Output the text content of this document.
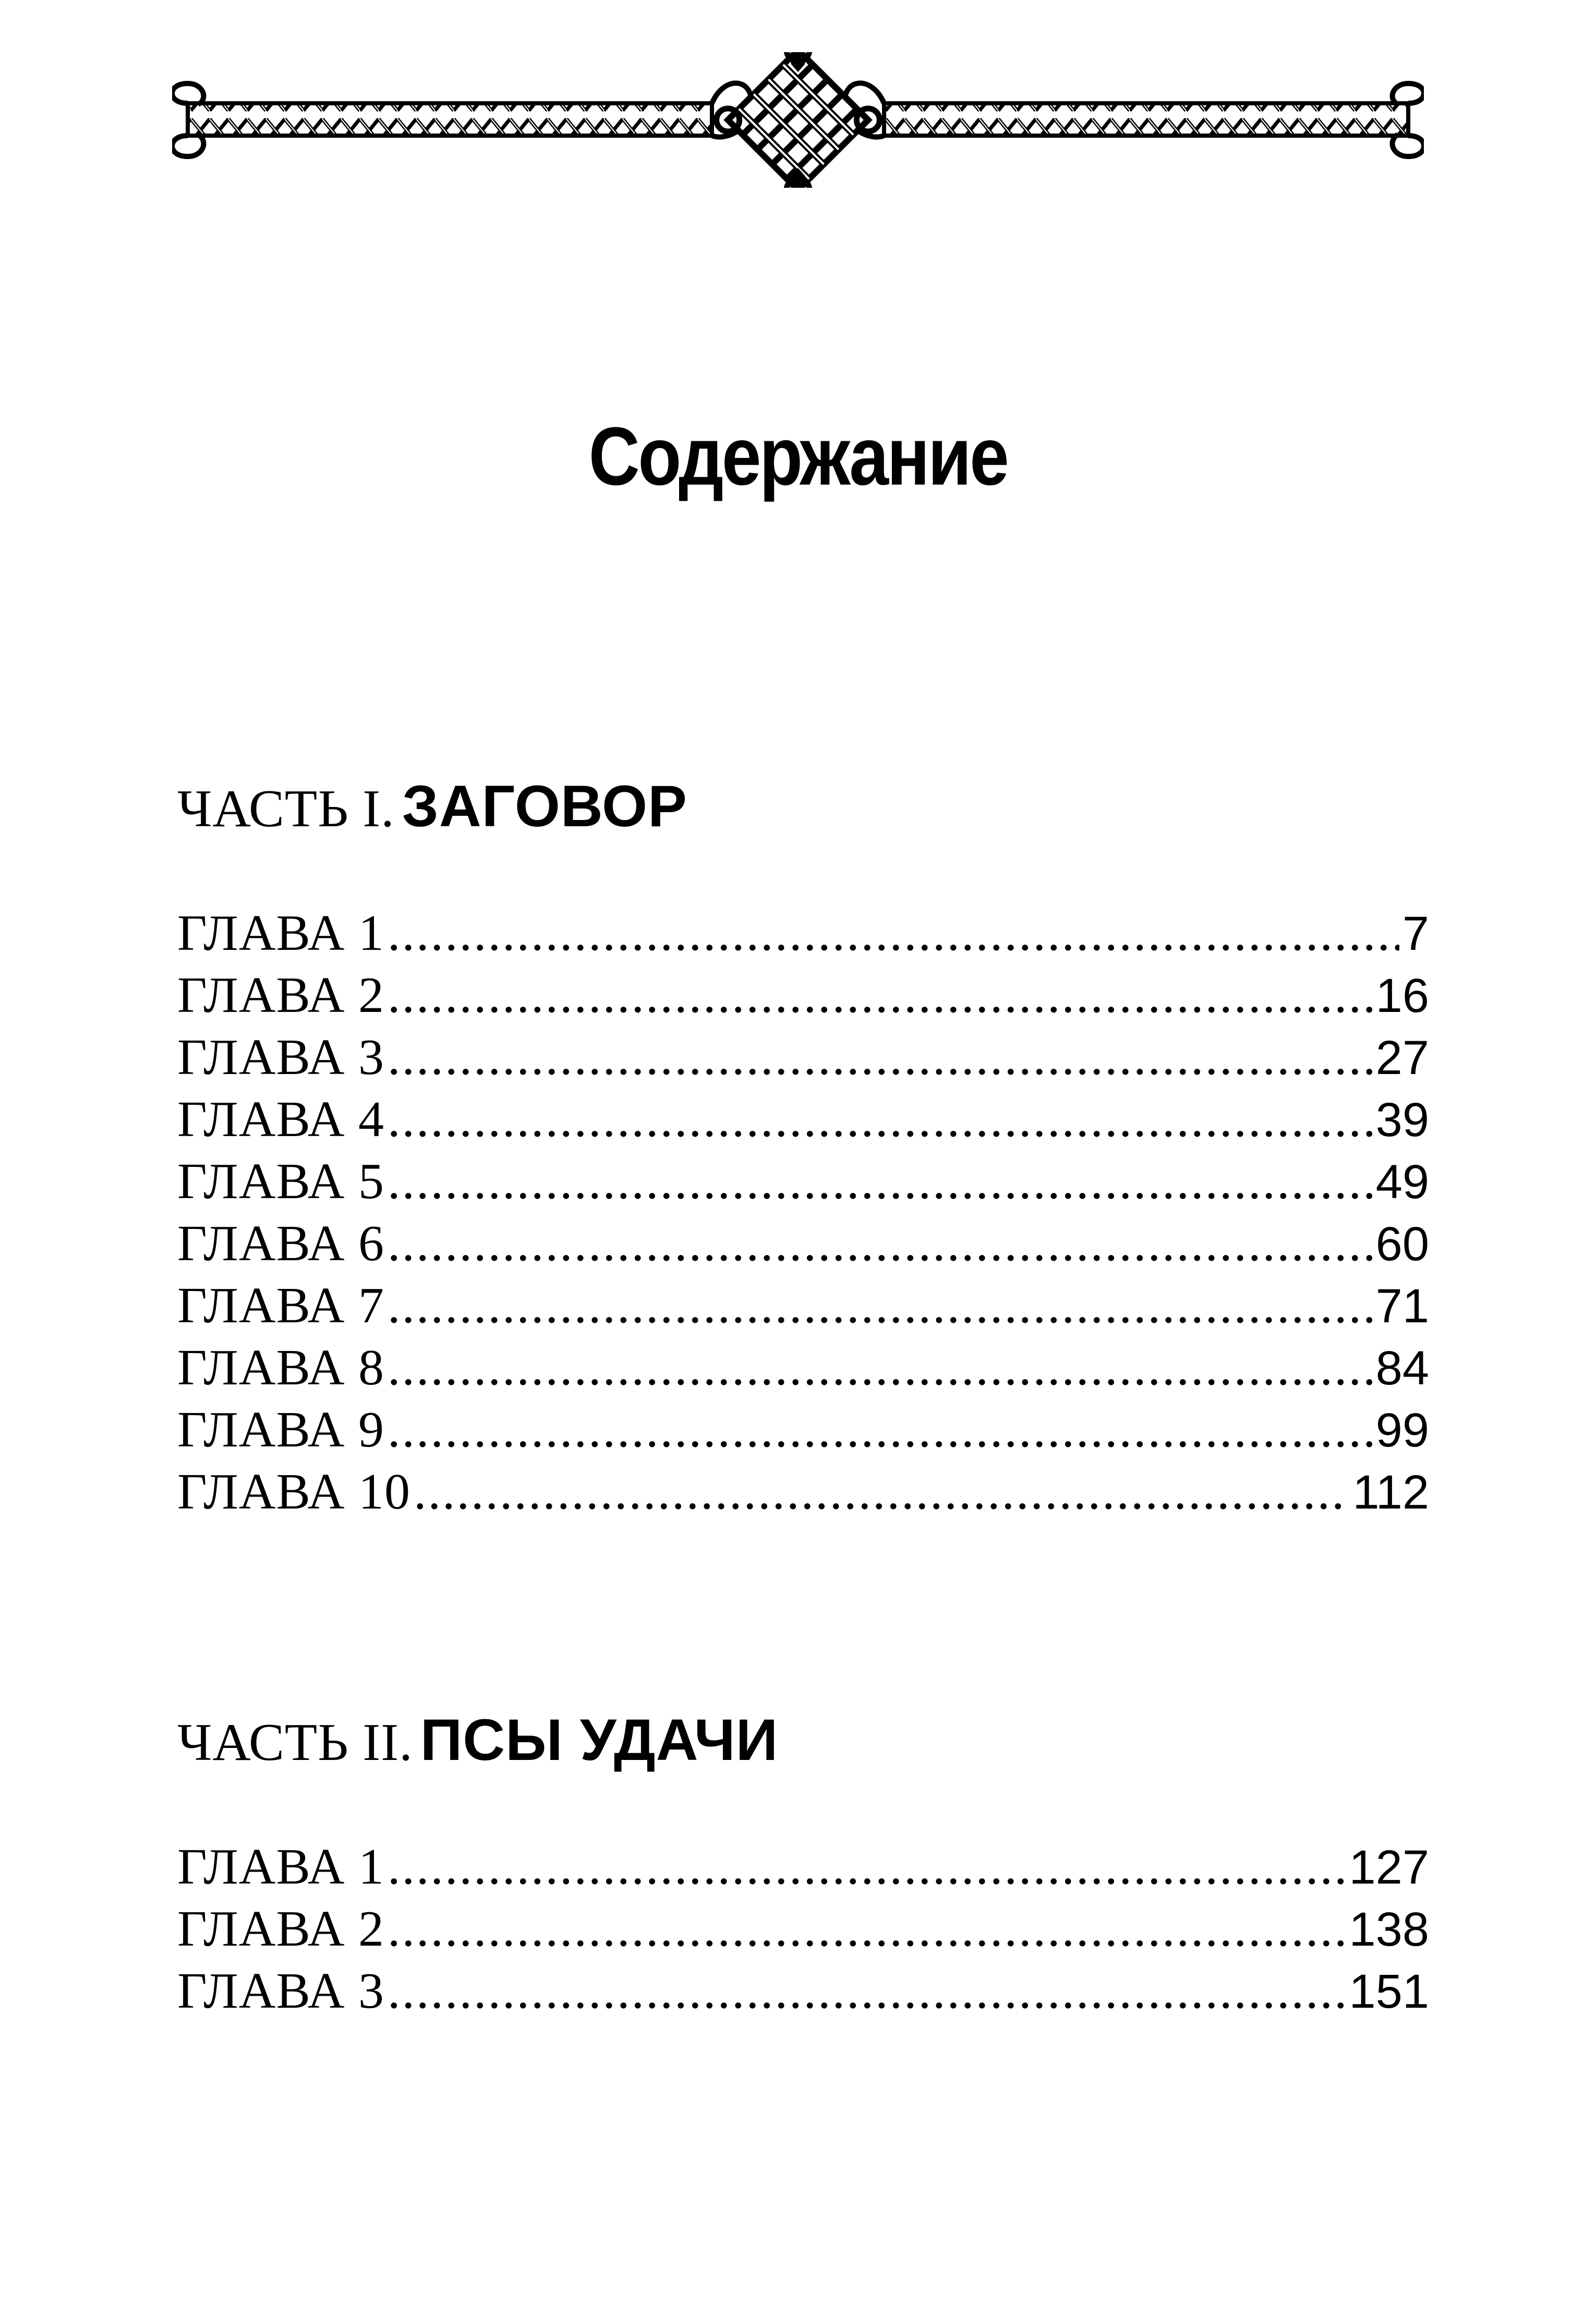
Содержание
ЧАСТЬ I. ЗАГОВОР
ГЛАВА 1 .....	7
ГЛАВА 2 .....	16
ГЛАВА 3 .....	27
ГЛАВА 4 .....	39
ГЛАВА 5 .....	49
ГЛАВА 6 .....	60
ГЛАВА 7 .....	71
ГЛАВА 8 .....	84
ГЛАВА 9 .....	99
ГЛАВА 10 .....	112
ЧАСТЬ II. ПСЫ УДАЧИ
ГЛАВА 1 .....	127
ГЛАВА 2 .....	138
ГЛАВА 3 .....	151
